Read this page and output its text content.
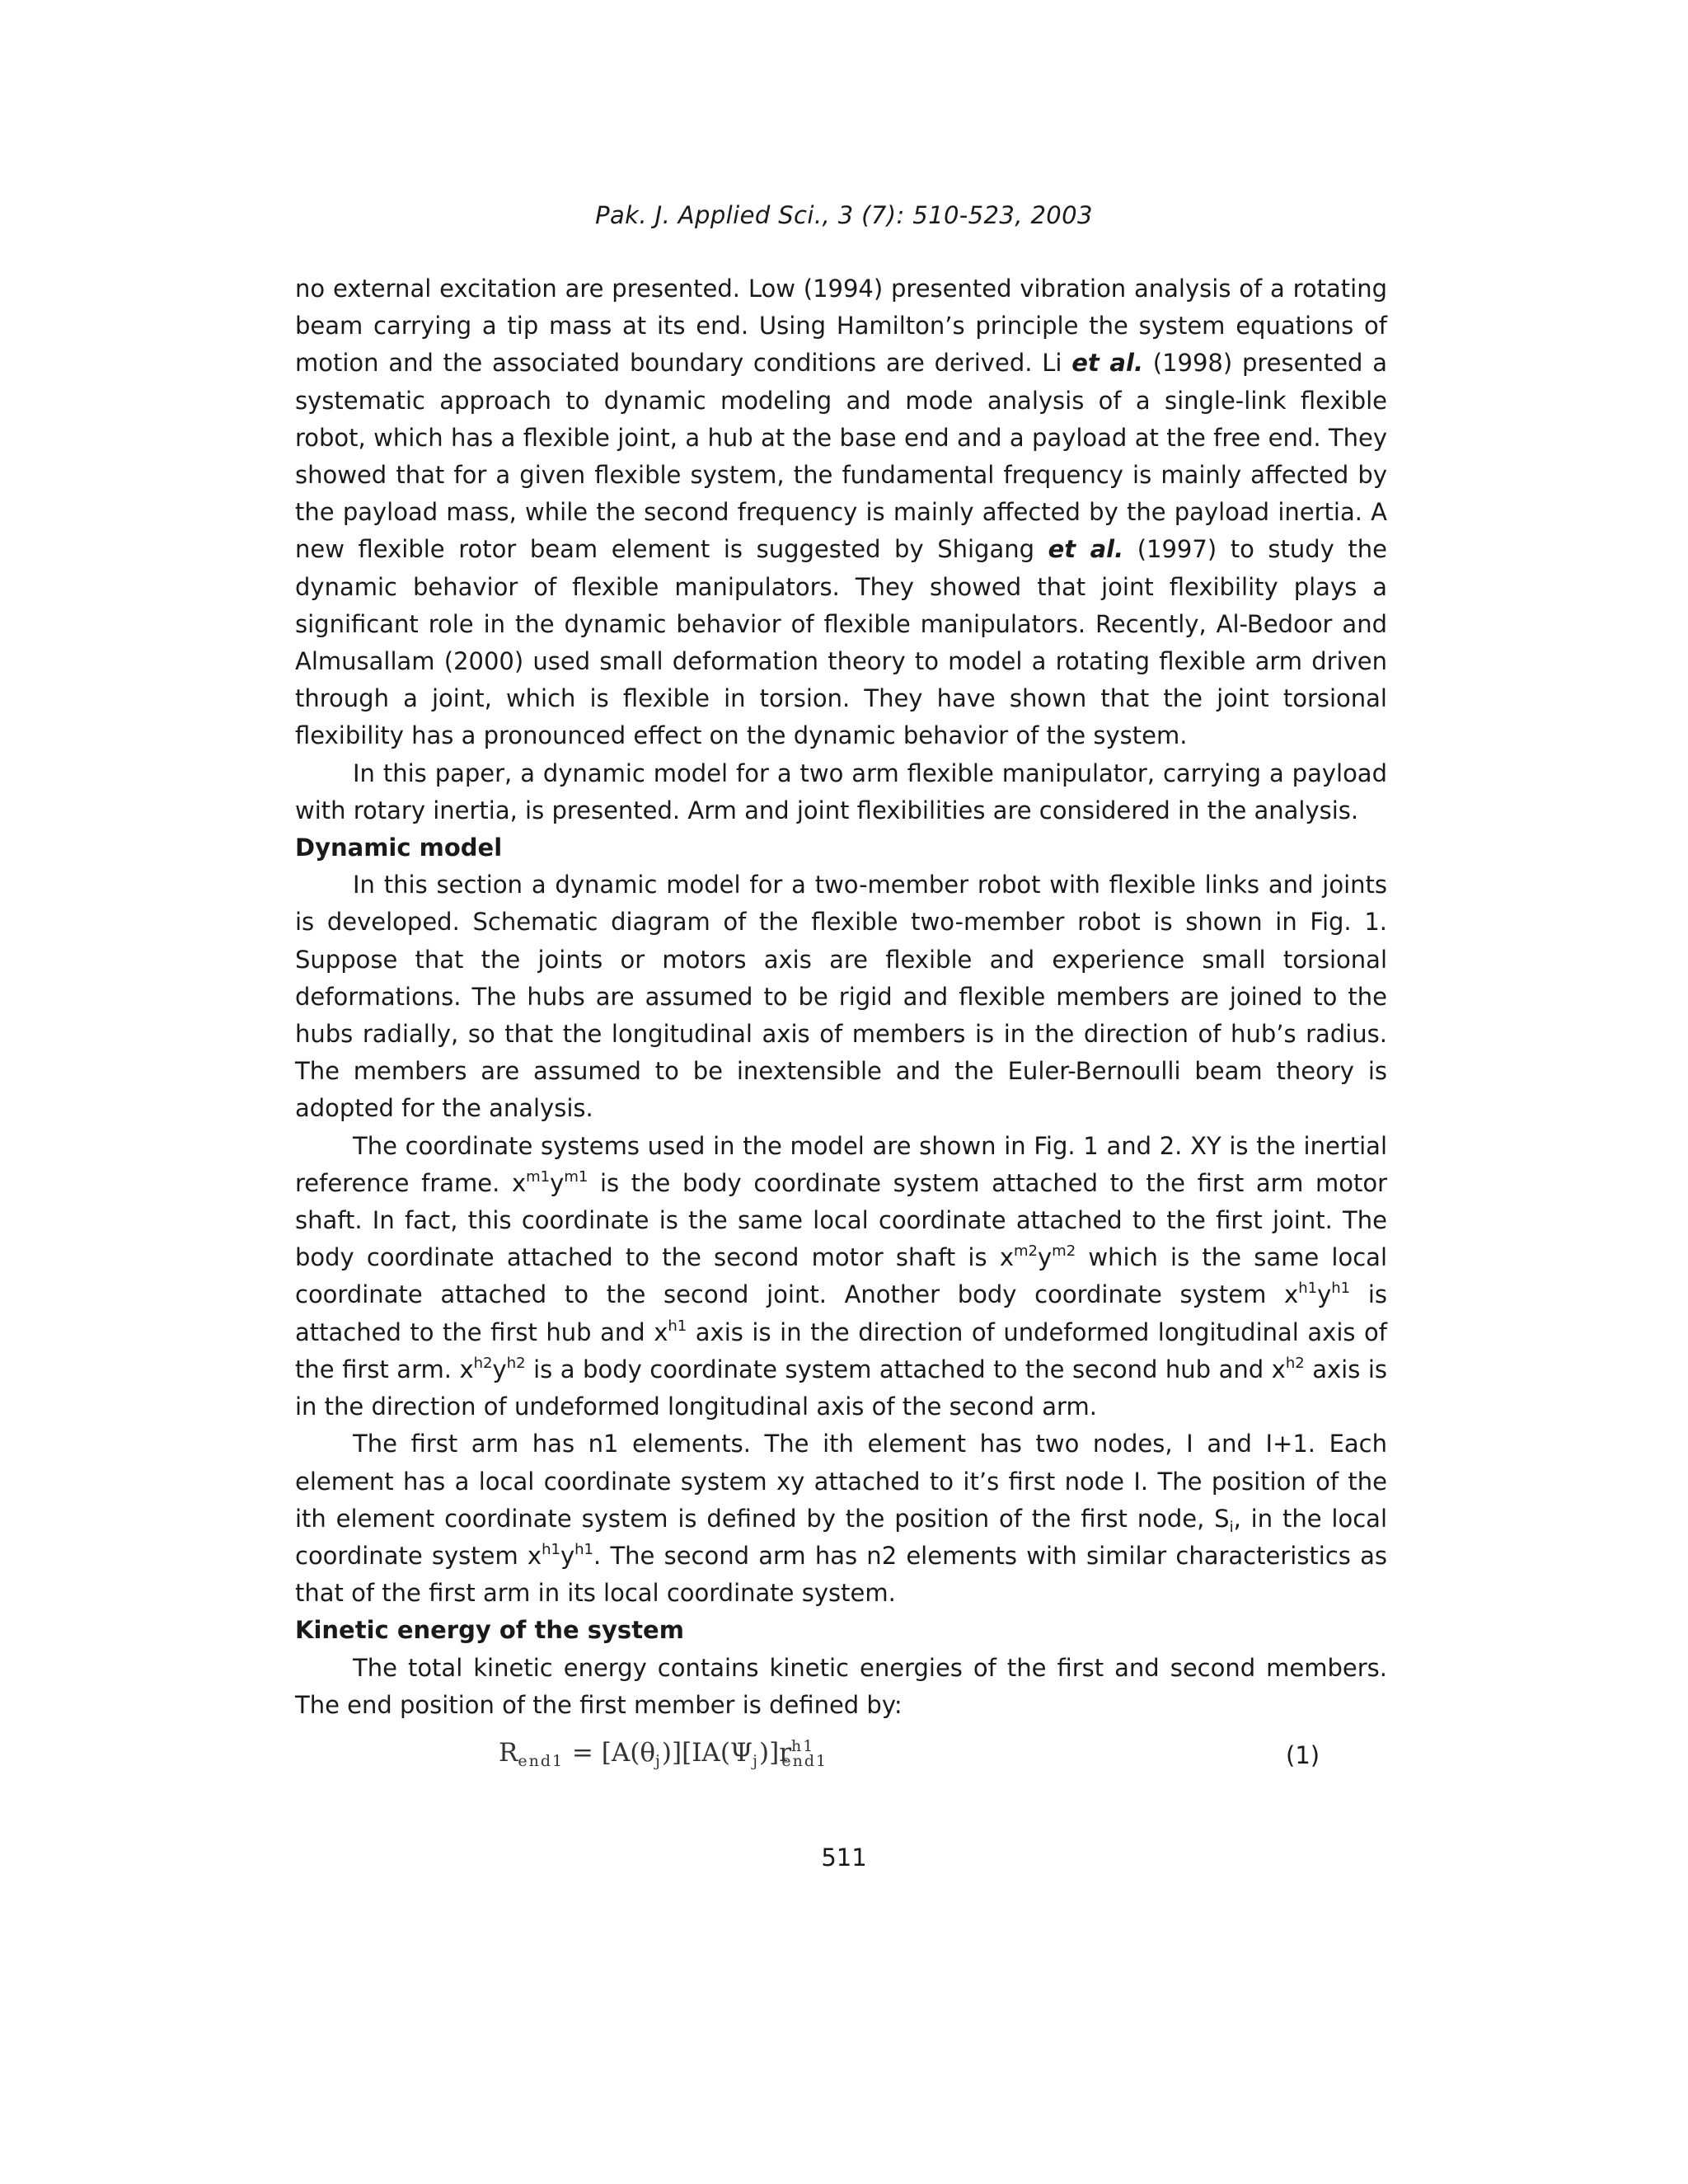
Pak. J. Applied Sci., 3 (7): 510-523, 2003

no external excitation are presented. Low (1994) presented vibration analysis of a rotating beam carrying a tip mass at its end. Using Hamilton’s principle the system equations of motion and the associated boundary conditions are derived. Li et al. (1998) presented a systematic approach to dynamic modeling and mode analysis of a single-link flexible robot, which has a flexible joint, a hub at the base end and a payload at the free end. They showed that for a given flexible system, the fundamental frequency is mainly affected by the payload mass, while the second frequency is mainly affected by the payload inertia. A new flexible rotor beam element is suggested by Shigang et al. (1997) to study the dynamic behavior of flexible manipulators. They showed that joint flexibility plays a significant role in the dynamic behavior of flexible manipulators. Recently, Al-Bedoor and Almusallam (2000) used small deformation theory to model a rotating flexible arm driven through a joint, which is flexible in torsion. They have shown that the joint torsional flexibility has a pronounced effect on the dynamic behavior of the system.

In this paper, a dynamic model for a two arm flexible manipulator, carrying a payload with rotary inertia, is presented. Arm and joint flexibilities are considered in the analysis.

Dynamic model

In this section a dynamic model for a two-member robot with flexible links and joints is developed. Schematic diagram of the flexible two-member robot is shown in Fig. 1. Suppose that the joints or motors axis are flexible and experience small torsional deformations. The hubs are assumed to be rigid and flexible members are joined to the hubs radially, so that the longitudinal axis of members is in the direction of hub’s radius. The members are assumed to be inextensible and the Euler-Bernoulli beam theory is adopted for the analysis.

The coordinate systems used in the model are shown in Fig. 1 and 2. XY is the inertial reference frame. $x^{m1}y^{m1}$ is the body coordinate system attached to the first arm motor shaft. In fact, this coordinate is the same local coordinate attached to the first joint. The body coordinate attached to the second motor shaft is $x^{m2}y^{m2}$ which is the same local coordinate attached to the second joint. Another body coordinate system $x^{h1}y^{h1}$ is attached to the first hub and $x^{h1}$ axis is in the direction of undeformed longitudinal axis of the first arm. $x^{h2}y^{h2}$ is a body coordinate system attached to the second hub and $x^{h2}$ axis is in the direction of undeformed longitudinal axis of the second arm.

The first arm has n1 elements. The ith element has two nodes, I and I+1. Each element has a local coordinate system xy attached to it’s first node I. The position of the ith element coordinate system is defined by the position of the first node, $S_i$, in the local coordinate system $x^{h1}y^{h1}$. The second arm has n2 elements with similar characteristics as that of the first arm in its local coordinate system.

Kinetic energy of the system

The total kinetic energy contains kinetic energies of the first and second members. The end position of the first member is defined by:

$R_{end1} = [A(\theta_j)][IA(\Psi_j)]r^{h1}_{end1}$	(1)
511
